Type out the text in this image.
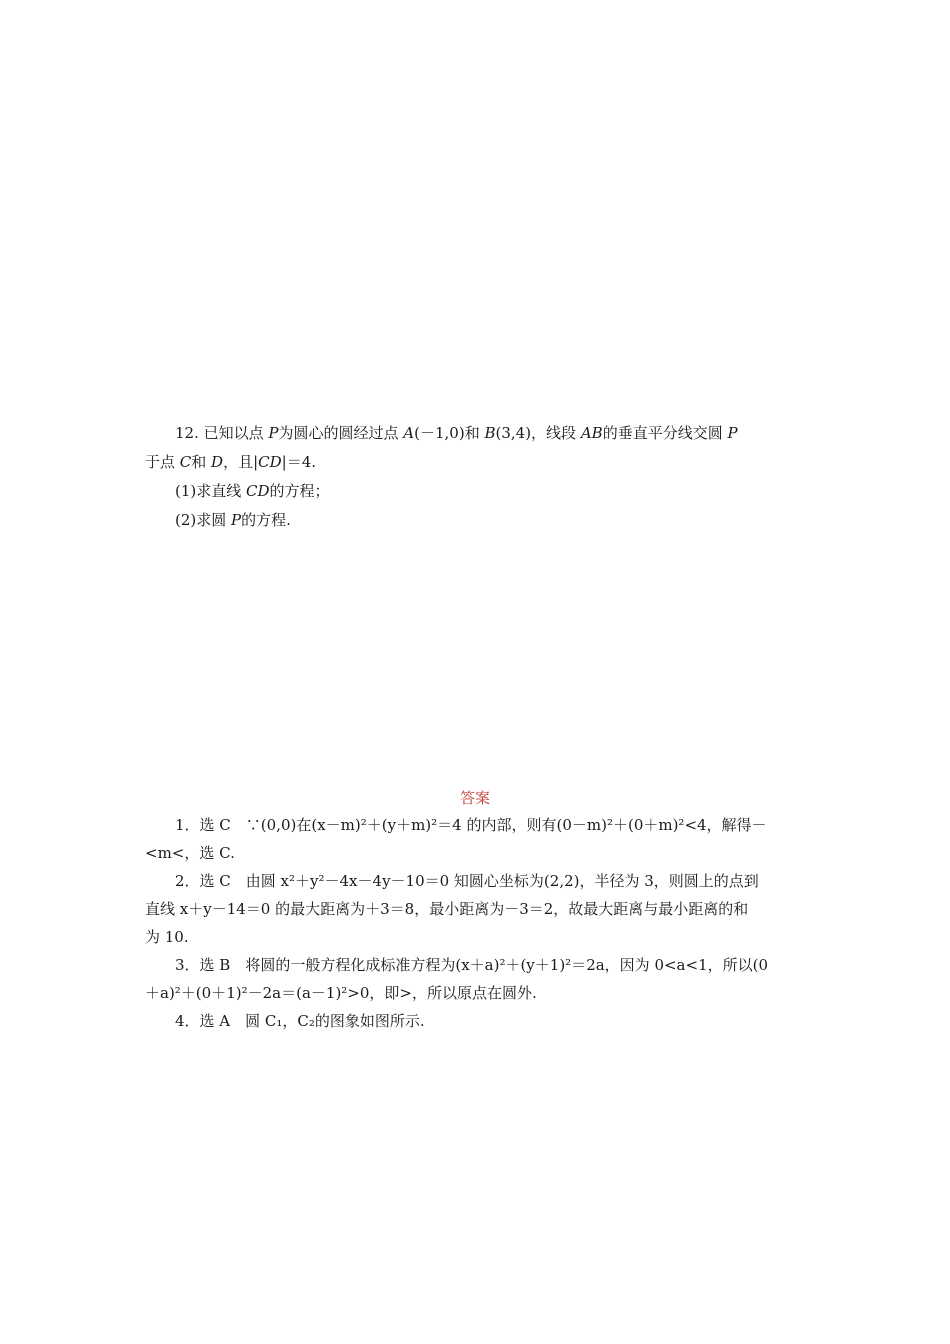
12. 已知以点 P为圆心的圆经过点 A(－1,0)和 B(3,4)，线段 AB的垂直平分线交圆 P
于点 C和 D，且|CD|＝4.
(1)求直线 CD的方程；
(2)求圆 P的方程.
答案
1．选 C　∵(0,0)在(x－m)²＋(y＋m)²＝4 的内部，则有(0－m)²＋(0＋m)²<4，解得－
<m<，选 C.
2．选 C　由圆 x²＋y²－4x－4y－10＝0 知圆心坐标为(2,2)，半径为 3，则圆上的点到
直线 x＋y－14＝0 的最大距离为＋3＝8，最小距离为－3＝2，故最大距离与最小距离的和
为 10.
3．选 B　将圆的一般方程化成标准方程为(x＋a)²＋(y＋1)²＝2a，因为 0<a<1，所以(0
＋a)²＋(0＋1)²－2a＝(a－1)²>0，即>，所以原点在圆外.
4．选 A　圆 C₁，C₂的图象如图所示.
